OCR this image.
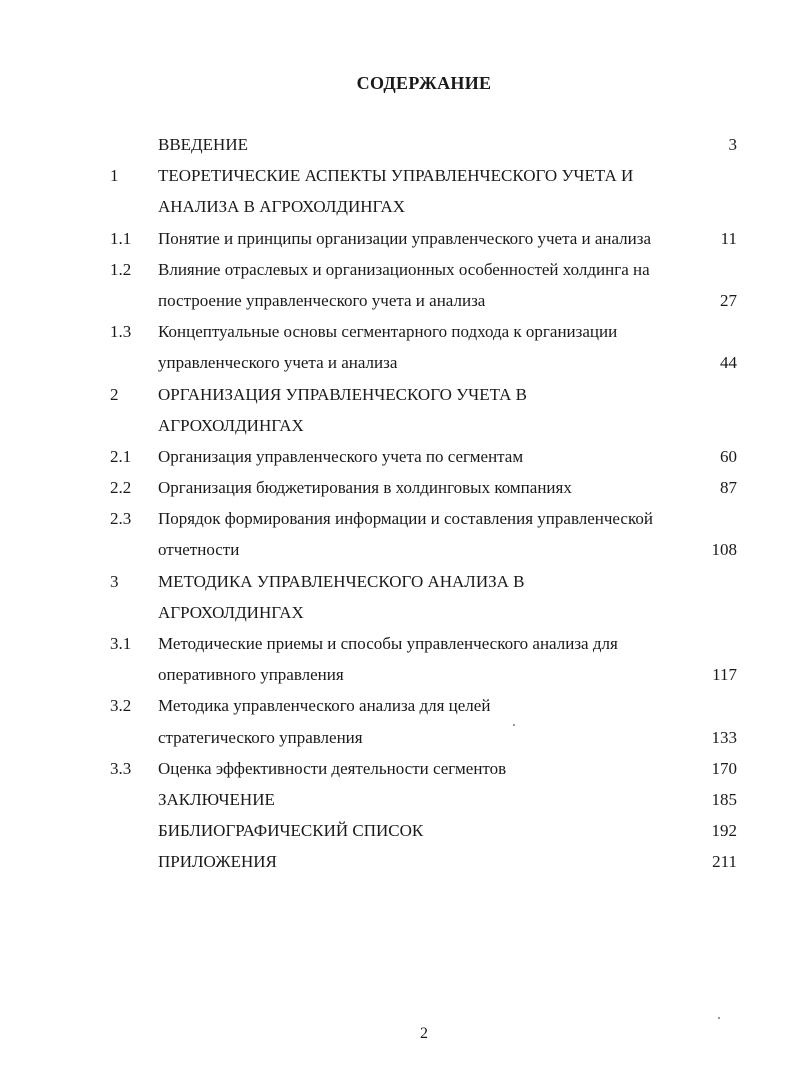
СОДЕРЖАНИЕ
ВВЕДЕНИЕ	3
1 ТЕОРЕТИЧЕСКИЕ АСПЕКТЫ УПРАВЛЕНЧЕСКОГО УЧЕТА И
АНАЛИЗА В АГРОХОЛДИНГАХ
1.1 Понятие и принципы организации управленческого учета и анализа	11
1.2 Влияние отраслевых и организационных особенностей холдинга на
построение управленческого учета и анализа	27
1.3 Концептуальные основы сегментарного подхода к организации
управленческого учета и анализа	44
2 ОРГАНИЗАЦИЯ УПРАВЛЕНЧЕСКОГО УЧЕТА В
АГРОХОЛДИНГАХ
2.1 Организация управленческого учета по сегментам	60
2.2 Организация бюджетирования в холдинговых компаниях	87
2.3 Порядок формирования информации и составления управленческой
отчетности	108
3 МЕТОДИКА УПРАВЛЕНЧЕСКОГО АНАЛИЗА В
АГРОХОЛДИНГАХ
3.1 Методические приемы и способы управленческого анализа для
оперативного управления	117
3.2 Методика управленческого анализа для целей
стратегического управления	133
3.3 Оценка эффективности деятельности сегментов	170
ЗАКЛЮЧЕНИЕ	185
БИБЛИОГРАФИЧЕСКИЙ СПИСОК	192
ПРИЛОЖЕНИЯ	211
2
